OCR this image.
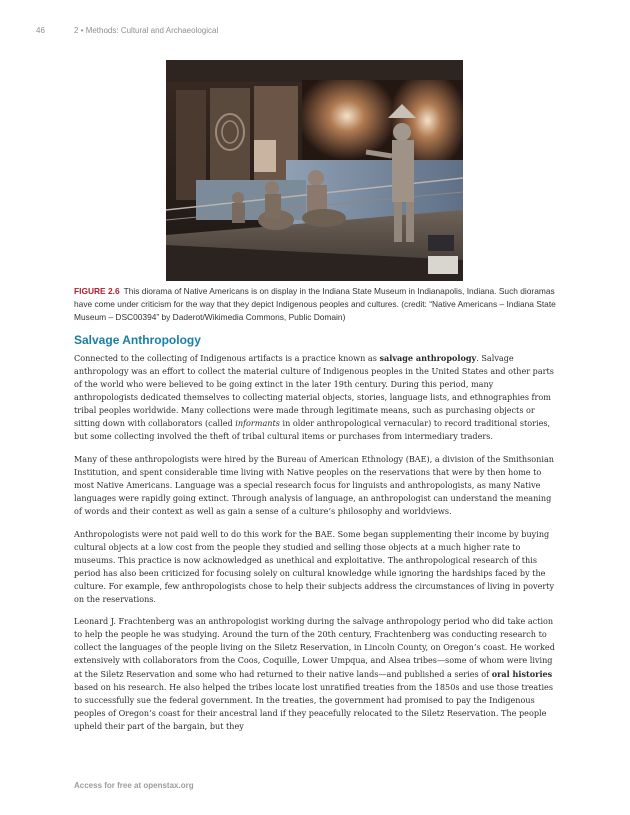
46	2 • Methods: Cultural and Archaeological
FIGURE 2.6 This diorama of Native Americans is on display in the Indiana State Museum in Indianapolis, Indiana. Such dioramas have come under criticism for the way that they depict Indigenous peoples and cultures. (credit: “Native Americans – Indiana State Museum – DSC00394” by Daderot/Wikimedia Commons, Public Domain)
Salvage Anthropology

Connected to the collecting of Indigenous artifacts is a practice known as salvage anthropology. Salvage anthropology was an effort to collect the material culture of Indigenous peoples in the United States and other parts of the world who were believed to be going extinct in the later 19th century. During this period, many anthropologists dedicated themselves to collecting material objects, stories, language lists, and ethnographies from tribal peoples worldwide. Many collections were made through legitimate means, such as purchasing objects or sitting down with collaborators (called informants in older anthropological vernacular) to record traditional stories, but some collecting involved the theft of tribal cultural items or purchases from intermediary traders.

Many of these anthropologists were hired by the Bureau of American Ethnology (BAE), a division of the Smithsonian Institution, and spent considerable time living with Native peoples on the reservations that were by then home to most Native Americans. Language was a special research focus for linguists and anthropologists, as many Native languages were rapidly going extinct. Through analysis of language, an anthropologist can understand the meaning of words and their context as well as gain a sense of a culture’s philosophy and worldviews.

Anthropologists were not paid well to do this work for the BAE. Some began supplementing their income by buying cultural objects at a low cost from the people they studied and selling those objects at a much higher rate to museums. This practice is now acknowledged as unethical and exploitative. The anthropological research of this period has also been criticized for focusing solely on cultural knowledge while ignoring the hardships faced by the culture. For example, few anthropologists chose to help their subjects address the circumstances of living in poverty on the reservations.

Leonard J. Frachtenberg was an anthropologist working during the salvage anthropology period who did take action to help the people he was studying. Around the turn of the 20th century, Frachtenberg was conducting research to collect the languages of the people living on the Siletz Reservation, in Lincoln County, on Oregon’s coast. He worked extensively with collaborators from the Coos, Coquille, Lower Umpqua, and Alsea tribes—some of whom were living at the Siletz Reservation and some who had returned to their native lands—and published a series of oral histories based on his research. He also helped the tribes locate lost unratified treaties from the 1850s and use those treaties to successfully sue the federal government. In the treaties, the government had promised to pay the Indigenous peoples of Oregon’s coast for their ancestral land if they peacefully relocated to the Siletz Reservation. The people upheld their part of the bargain, but they

Access for free at openstax.org
